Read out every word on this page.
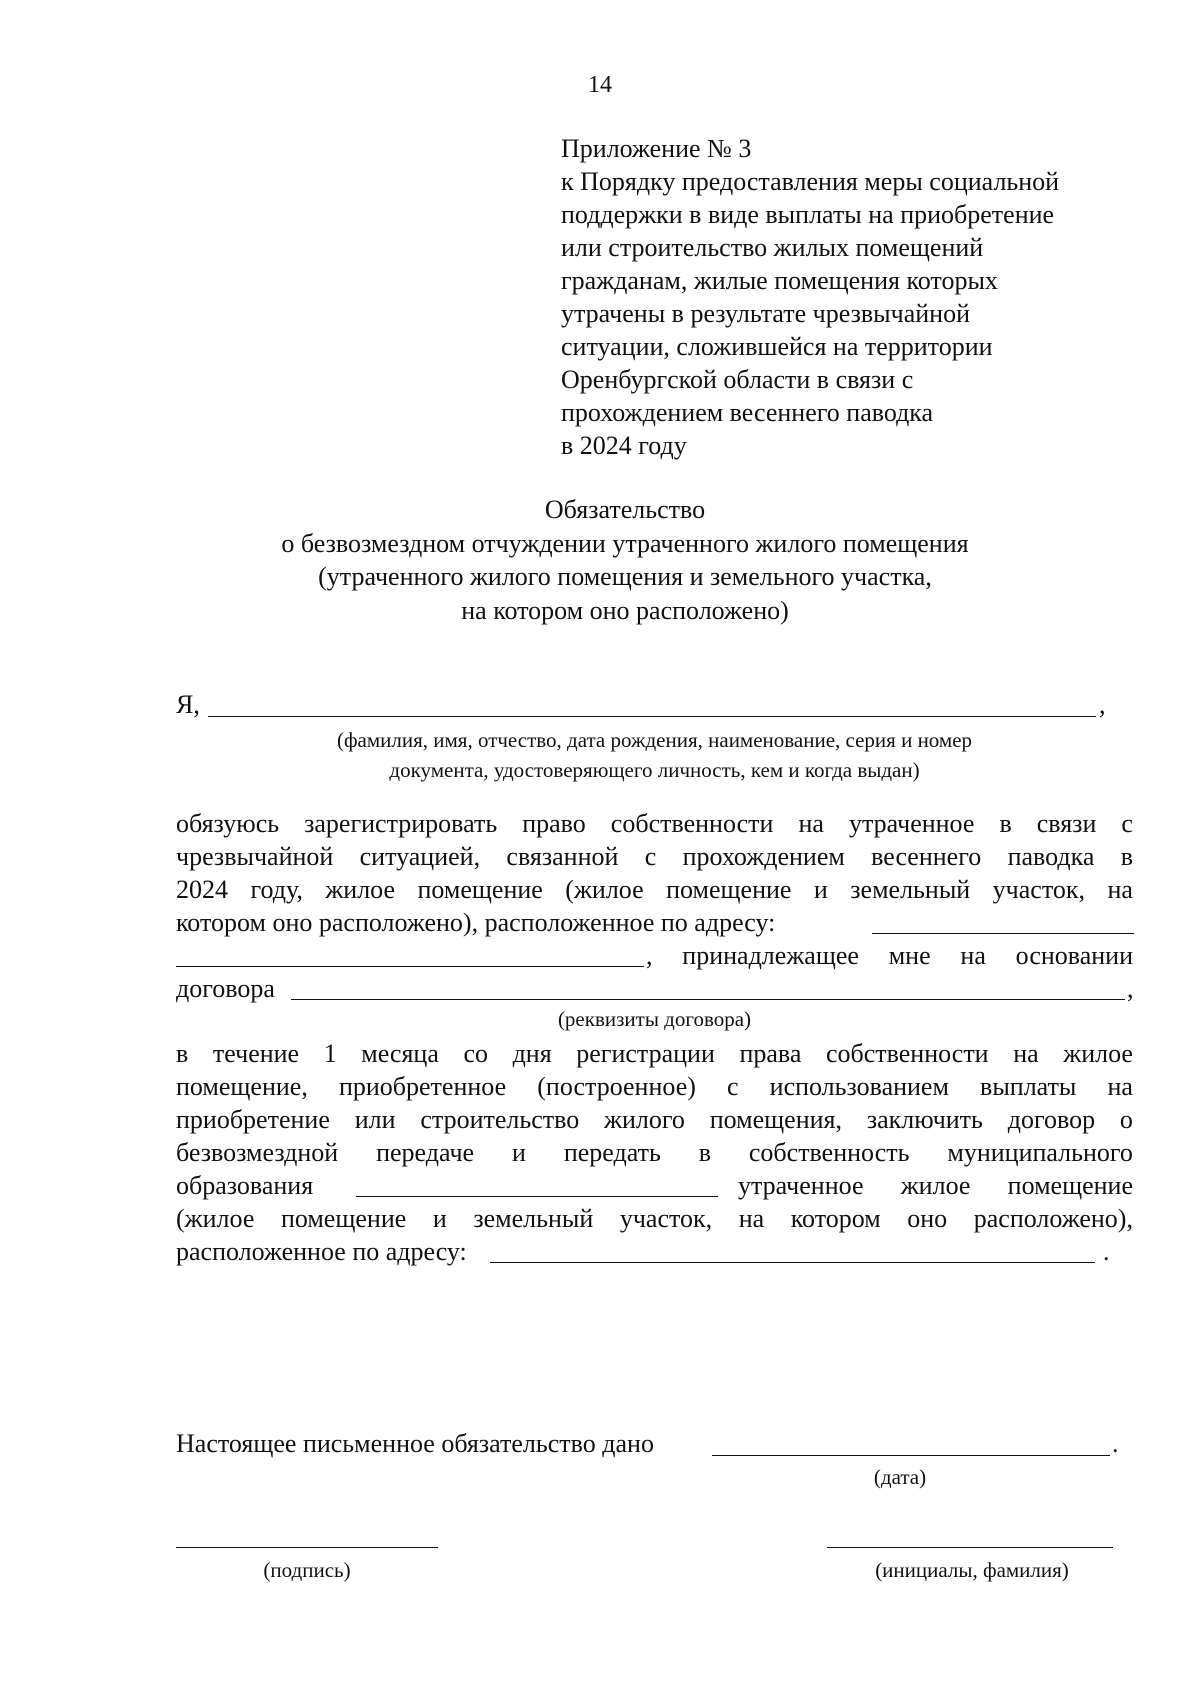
14
Приложение № 3
к Порядку предоставления меры социальной
поддержки в виде выплаты на приобретение
или строительство жилых помещений
гражданам, жилые помещения которых
утрачены в результате чрезвычайной
ситуации, сложившейся на территории
Оренбургской области в связи с
прохождением весеннего паводка
в 2024 году
Обязательство
о безвозмездном отчуждении утраченного жилого помещения
(утраченного жилого помещения и земельного участка,
на котором оно расположено)
Я,	,
(фамилия, имя, отчество, дата рождения, наименование, серия и номер
документа, удостоверяющего личность, кем и когда выдан)
обязуюсь зарегистрировать право собственности на утраченное в связи с
чрезвычайной ситуацией, связанной с прохождением весеннего паводка в
2024 году, жилое помещение (жилое помещение и земельный участок, на
котором оно расположено), расположенное по адресу:
, принадлежащее мне на основании
договора	,
(реквизиты договора)
в течение 1 месяца со дня регистрации права собственности на жилое
помещение, приобретенное (построенное) с использованием выплаты на
приобретение или строительство жилого помещения, заключить договор о
безвозмездной передаче и передать в собственность муниципального
образования	утраченное жилое помещение
(жилое помещение и земельный участок, на котором оно расположено),
расположенное по адресу:	.
Настоящее письменное обязательство дано	.
(дата)
(подпись)	(инициалы, фамилия)
